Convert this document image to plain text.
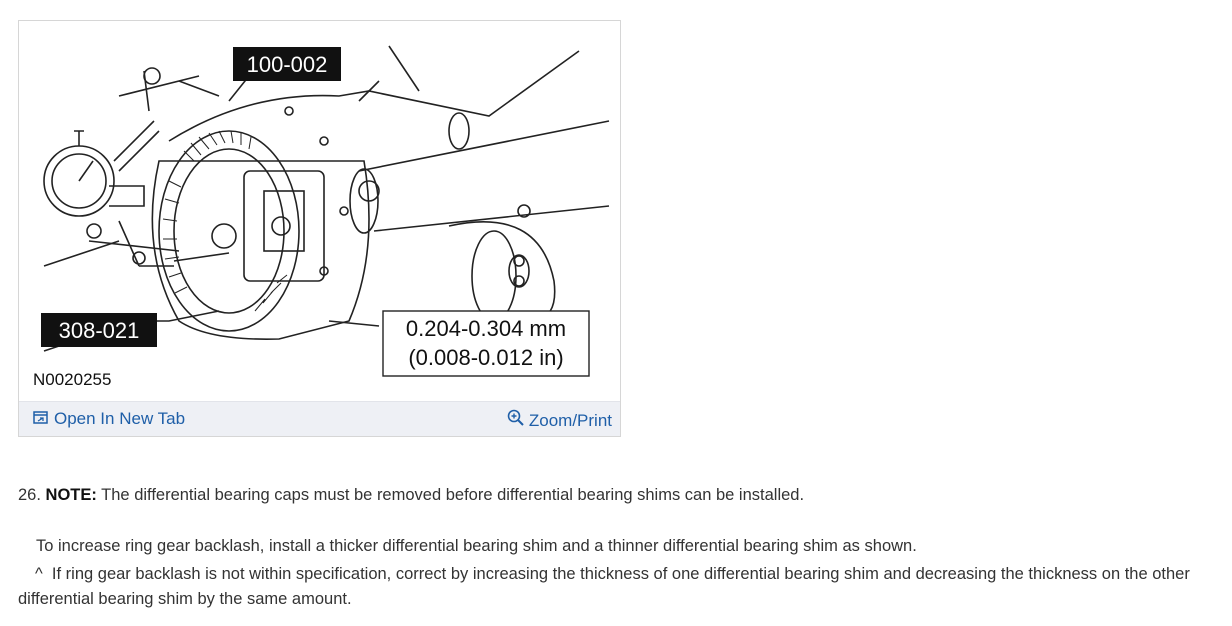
100-002
308-021	0.204-0.304 mm
(0.008-0.012 in)
N0020255
Open In New Tab	Zoom/Print
26. NOTE: The differential bearing caps must be removed before differential bearing shims can be installed.
To increase ring gear backlash, install a thicker differential bearing shim and a thinner differential bearing shim as shown.
^ If ring gear backlash is not within specification, correct by increasing the thickness of one differential bearing shim and decreasing the thickness on the other differential bearing shim by the same amount.
